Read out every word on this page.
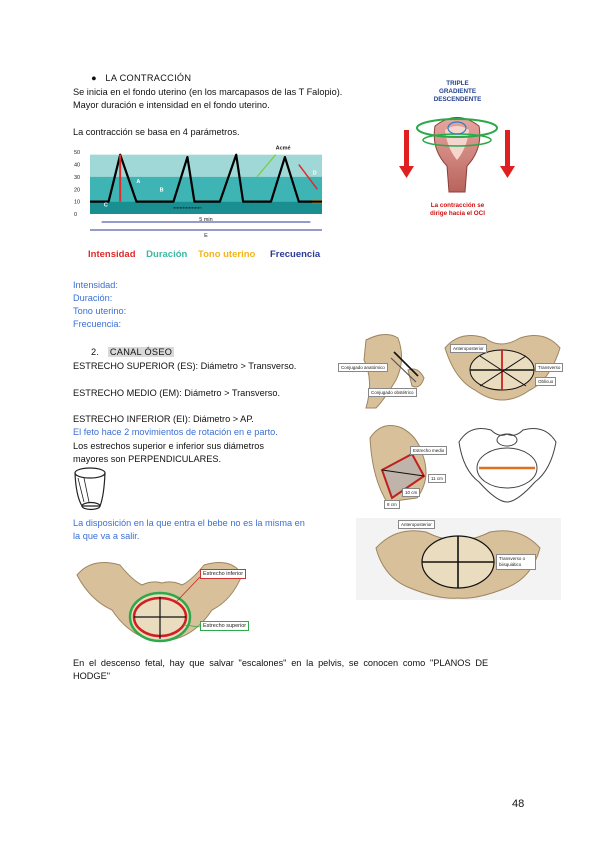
● LA CONTRACCIÓN
Se inicia en el fondo uterino (en los marcapasos de las T Falopio).
Mayor duración e intensidad en el fondo uterino.
La contracción se basa en 4 parámetros.
TRIPLE
GRADIENTE
DESCENDENTE
La contracción se
dirige hacia el OCI
50
40
30
20
10
0
Acmé
A
B
C
D
5 min
E
Intensidad Duración Tono uterino Frecuencia
Intensidad:
Duración:
Tono uterino:
Frecuencia:
2. CANAL ÓSEO
ESTRECHO SUPERIOR (ES): Diámetro > Transverso.
ESTRECHO MEDIO (EM): Diámetro > Transverso.
ESTRECHO INFERIOR (EI): Diámetro > AP.
El feto hace 2 movimientos de rotación en e parto.
Los estrechos superior e inferior sus diámetros
mayores son PERPENDICULARES.
La disposición en la que entra el bebe no es la misma en
la que va a salir.
Estrecho inferior
Estrecho superior
Conjugado anatómico
Conjugado obstétrico
Anteroposterior
Transverso
Oblicuo
Estrecho medio
11 cm
10 cm
8 cm
Anteroposterior
Transverso o biisquiático
En el descenso fetal, hay que salvar "escalones" en la pelvis, se conocen como "PLANOS DE
HODGE"
48
